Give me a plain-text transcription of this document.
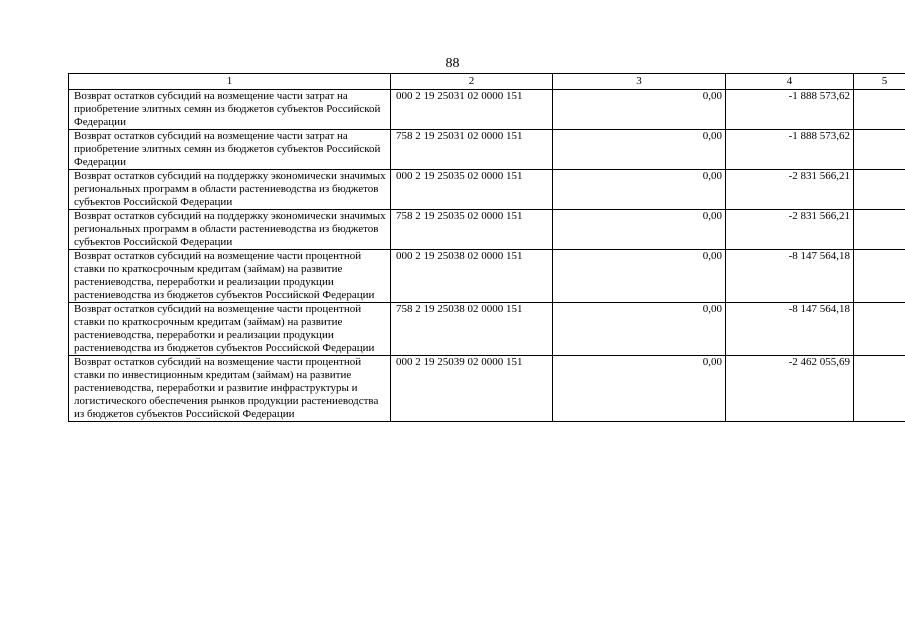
88
1	2	3	4	5
Возврат остатков субсидий на возмещение части затрат на приобретение элитных семян из бюджетов субъектов Российской Федерации	000 2 19 25031 02 0000 151	0,00	-1 888 573,62	
Возврат остатков субсидий на возмещение части затрат на приобретение элитных семян из бюджетов субъектов Российской Федерации	758 2 19 25031 02 0000 151	0,00	-1 888 573,62	
Возврат остатков субсидий на поддержку экономически значимых региональных программ в области растениеводства из бюджетов субъектов Российской Федерации	000 2 19 25035 02 0000 151	0,00	-2 831 566,21	
Возврат остатков субсидий на поддержку экономически значимых региональных программ в области растениеводства из бюджетов субъектов Российской Федерации	758 2 19 25035 02 0000 151	0,00	-2 831 566,21	
Возврат остатков субсидий на возмещение части процентной ставки по краткосрочным кредитам (займам) на развитие растениеводства, переработки и реализации продукции растениеводства из бюджетов субъектов Российской Федерации	000 2 19 25038 02 0000 151	0,00	-8 147 564,18	
Возврат остатков субсидий на возмещение части процентной ставки по краткосрочным кредитам (займам) на развитие растениеводства, переработки и реализации продукции растениеводства из бюджетов субъектов Российской Федерации	758 2 19 25038 02 0000 151	0,00	-8 147 564,18	
Возврат остатков субсидий на возмещение части процентной ставки по инвестиционным кредитам (займам) на развитие растениеводства, переработки и развитие инфраструктуры и логистического обеспечения рынков продукции растениеводства из бюджетов субъектов Российской Федерации	000 2 19 25039 02 0000 151	0,00	-2 462 055,69	
